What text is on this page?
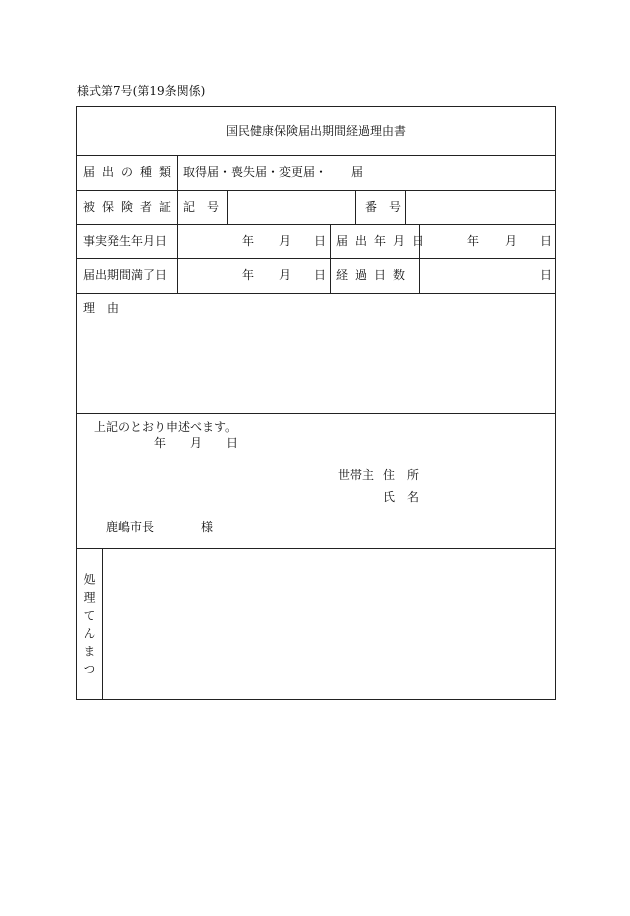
様式第7号(第19条関係)
国民健康保険届出期間経過理由書
届出の種類 取得届・喪失届・変更届・　　届
被保険者証 記　号	番　号
事実発生年月日	年 月 日 届出年月日	年 月 日
届出期間満了日	年 月 日 経過日数	日
理　由
上記のとおり申述べます。
年 月 日
世帯主 住　所
氏　名
鹿嶋市長	様
処理てんまつ
